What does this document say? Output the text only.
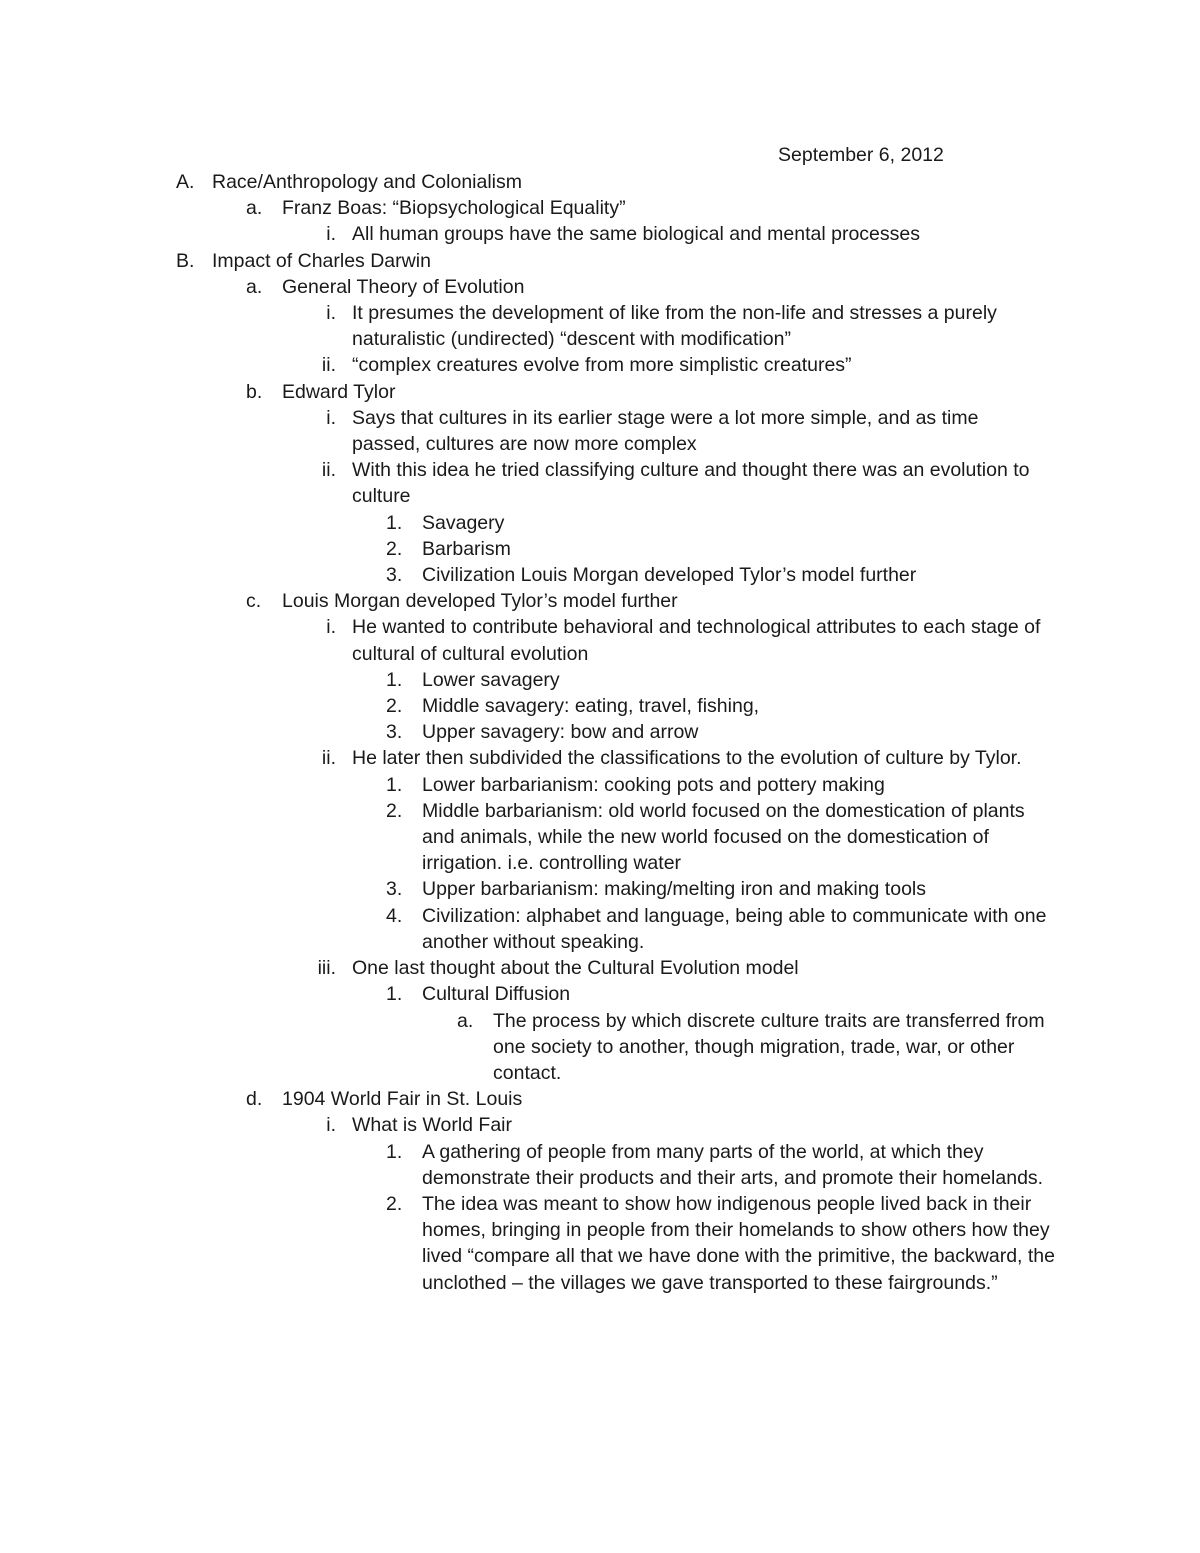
September 6, 2012
A. Race/Anthropology and Colonialism
a. Franz Boas: “Biopsychological Equality”
i. All human groups have the same biological and mental processes
B. Impact of Charles Darwin
a. General Theory of Evolution
i. It presumes the development of like from the non-life and stresses a purely naturalistic (undirected) “descent with modification”
ii. “complex creatures evolve from more simplistic creatures”
b. Edward Tylor
i. Says that cultures in its earlier stage were a lot more simple, and as time passed, cultures are now more complex
ii. With this idea he tried classifying culture and thought there was an evolution to culture
1. Savagery
2. Barbarism
3. Civilization Louis Morgan developed Tylor’s model further
c. Louis Morgan developed Tylor’s model further
i. He wanted to contribute behavioral and technological attributes to each stage of cultural of cultural evolution
1. Lower savagery
2. Middle savagery: eating, travel, fishing,
3. Upper savagery: bow and arrow
ii. He later then subdivided the classifications to the evolution of culture by Tylor.
1. Lower barbarianism: cooking pots and pottery making
2. Middle barbarianism: old world focused on the domestication of plants and animals, while the new world focused on the domestication of irrigation. i.e. controlling water
3. Upper barbarianism: making/melting iron and making tools
4. Civilization: alphabet and language, being able to communicate with one another without speaking.
iii. One last thought about the Cultural Evolution model
1. Cultural Diffusion
a. The process by which discrete culture traits are transferred from one society to another, though migration, trade, war, or other contact.
d. 1904 World Fair in St. Louis
i. What is World Fair
1. A gathering of people from many parts of the world, at which they demonstrate their products and their arts, and promote their homelands.
2. The idea was meant to show how indigenous people lived back in their homes, bringing in people from their homelands to show others how they lived “compare all that we have done with the primitive, the backward, the unclothed – the villages we gave transported to these fairgrounds.”
